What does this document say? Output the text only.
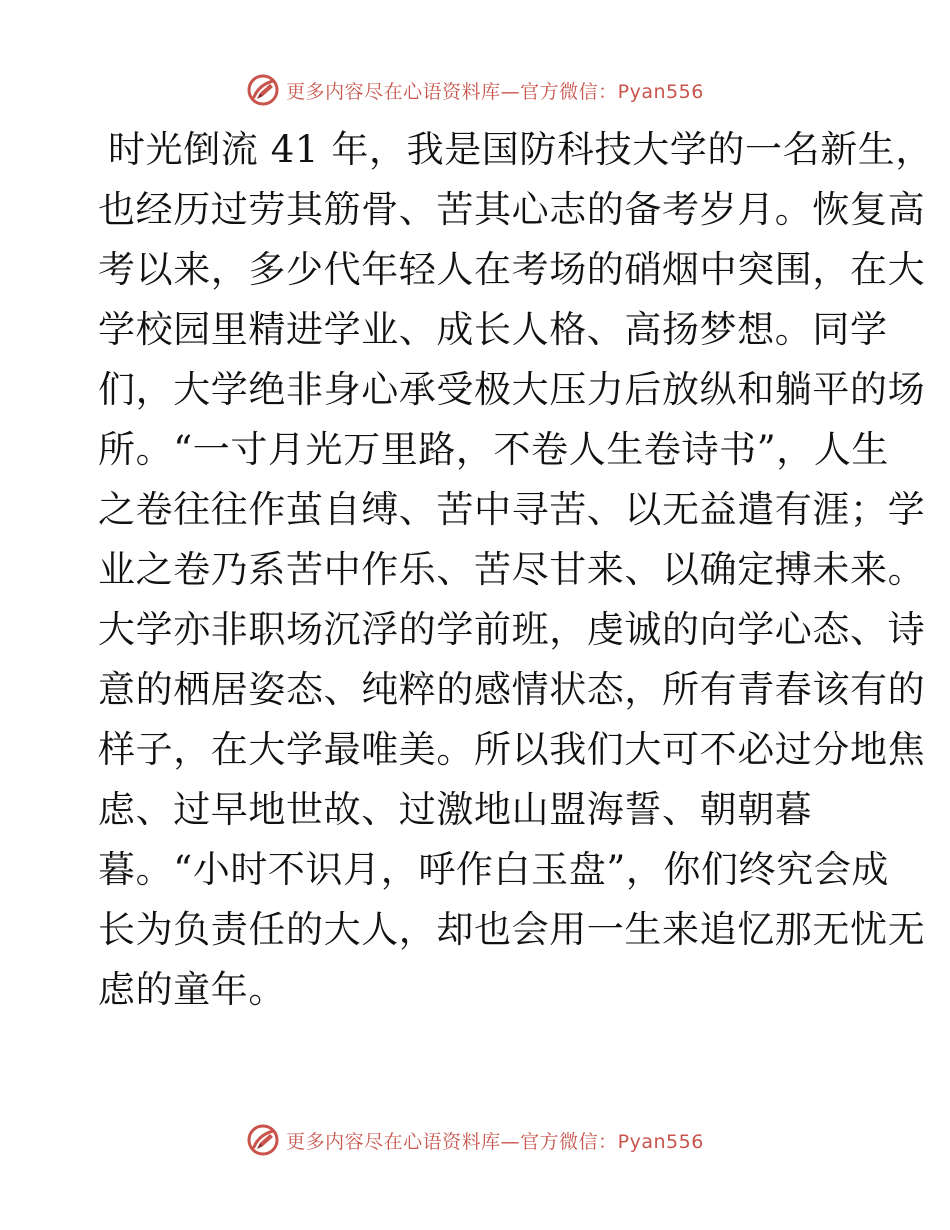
更多内容尽在心语资料库—官方微信：Pyan556
时光倒流 41 年，我是国防科技大学的一名新生，
也经历过劳其筋骨、苦其心志的备考岁月。恢复高
考以来，多少代年轻人在考场的硝烟中突围，在大
学校园里精进学业、成长人格、高扬梦想。同学
们，大学绝非身心承受极大压力后放纵和躺平的场
所。“一寸月光万里路，不卷人生卷诗书”，人生
之卷往往作茧自缚、苦中寻苦、以无益遣有涯；学
业之卷乃系苦中作乐、苦尽甘来、以确定搏未来。
大学亦非职场沉浮的学前班，虔诚的向学心态、诗
意的栖居姿态、纯粹的感情状态，所有青春该有的
样子，在大学最唯美。所以我们大可不必过分地焦
虑、过早地世故、过激地山盟海誓、朝朝暮
暮。“小时不识月，呼作白玉盘”，你们终究会成
长为负责任的大人，却也会用一生来追忆那无忧无
虑的童年。
更多内容尽在心语资料库—官方微信：Pyan556
